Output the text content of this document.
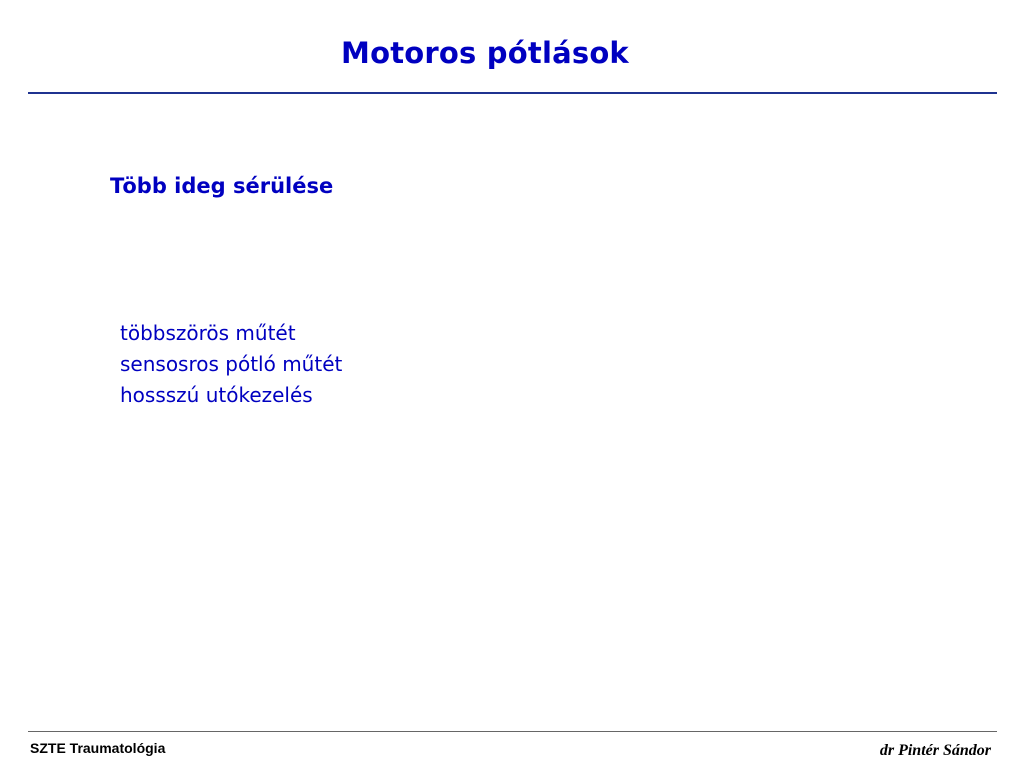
Motoros pótlások
Több ideg sérülése
többszörös műtét
sensosros pótló műtét
hossszú utókezelés
SZTE Traumatológia	dr Pintér Sándor
